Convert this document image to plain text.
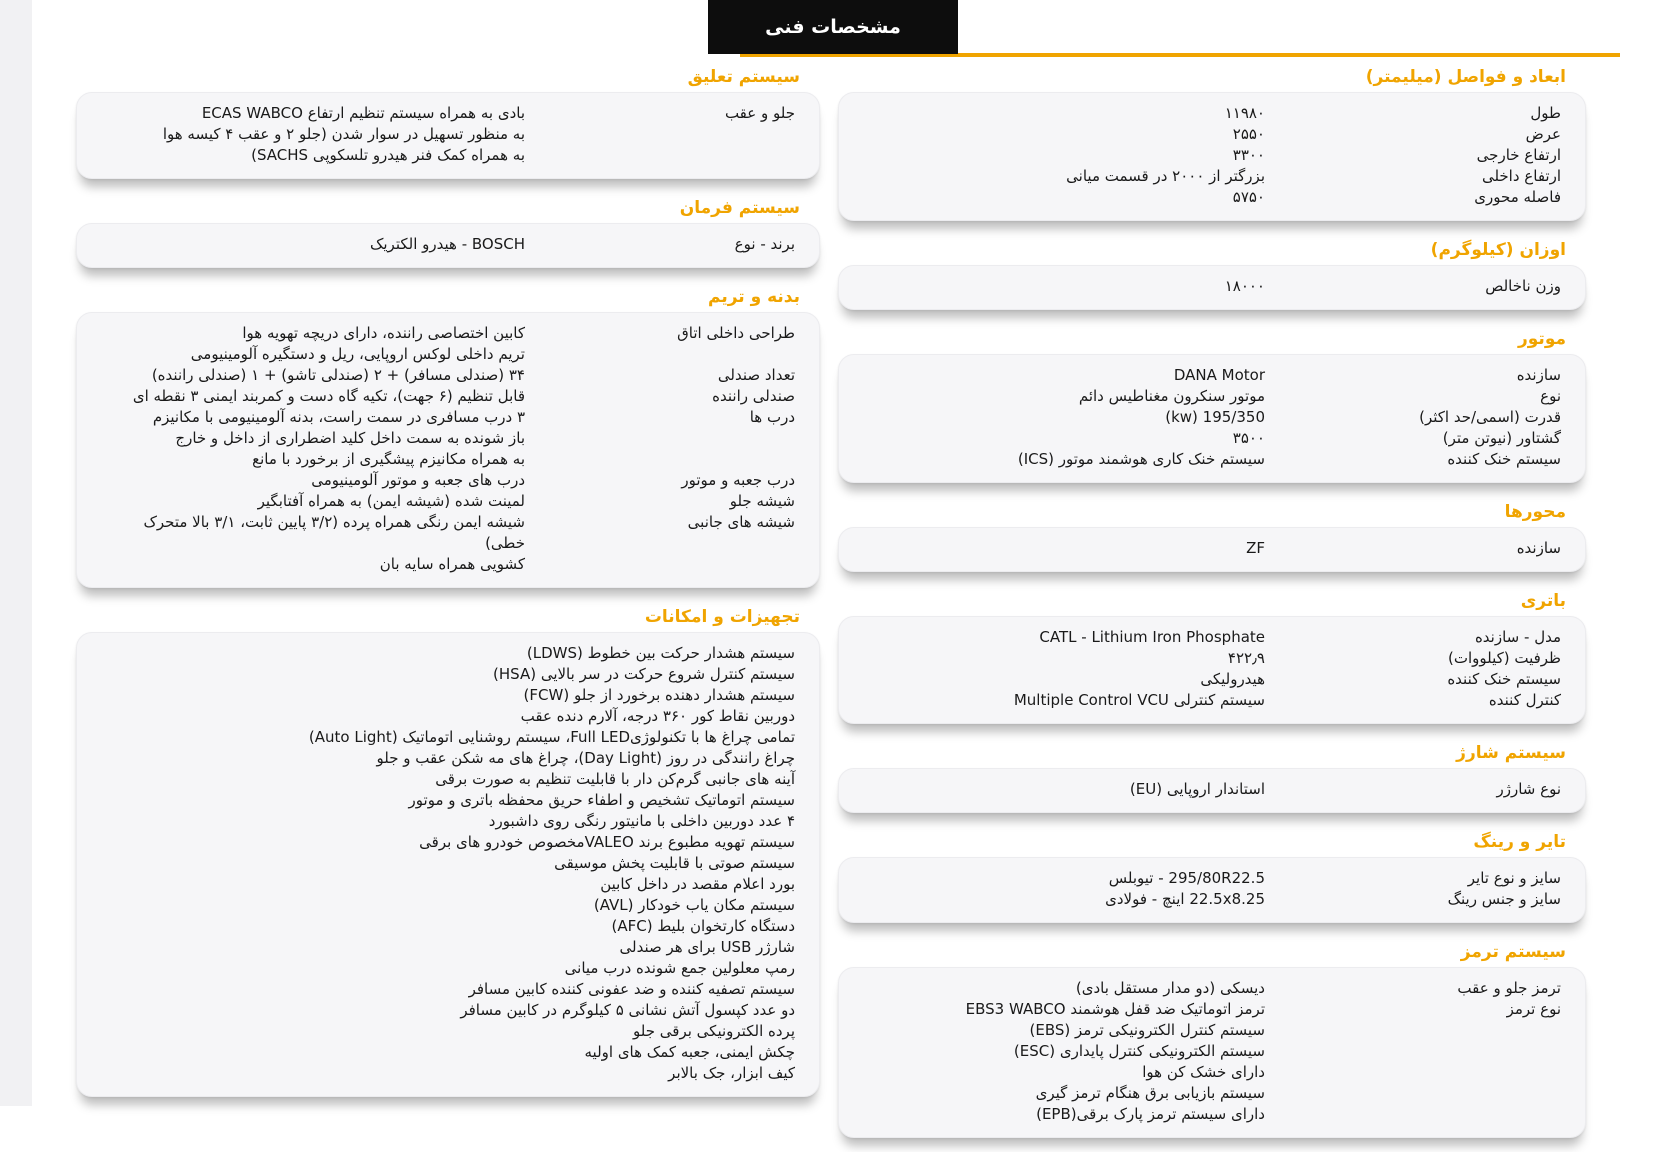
مشخصات فنی
ابعاد و فواصل (میلیمتر)
طول
۱۱۹۸۰
عرض
۲۵۵۰
ارتفاع خارجی
۳۳۰۰
ارتفاع داخلی
بزرگتر از ۲۰۰۰ در قسمت میانی
فاصله محوری
۵۷۵۰
اوزان (کیلوگرم)
وزن ناخالص
۱۸۰۰۰
موتور
سازنده
DANA Motor
نوع
موتور سنکرون مغناطیس دائم
قدرت (اسمی/حد اکثر)
195/350 (kw)
گشتاور (نیوتن متر)
۳۵۰۰
سیستم خنک کننده
سیستم خنک کاری هوشمند موتور (ICS)
محورها
سازنده
ZF
باتری
مدل - سازنده
CATL - Lithium Iron Phosphate
ظرفیت (کیلووات)
۴۲۲٫۹
سیستم خنک کننده
هیدرولیکی
کنترل کننده
سیستم کنترلی Multiple Control VCU
سیستم شارژ
نوع شارژر
استاندار اروپایی (EU)
تایر و رینگ
سایز و نوع تایر
295/80R22.5 - تیوبلس
سایز و جنس رینگ
22.5x8.25 اینچ - فولادی
سیستم ترمز
ترمز جلو و عقب
دیسکی (دو مدار مستقل بادی)
نوع ترمز
ترمز اتوماتیک ضد قفل هوشمند EBS3 WABCO
سیستم کنترل الکترونیکی ترمز (EBS)
سیستم الکترونیکی کنترل پایداری (ESC)
دارای خشک کن هوا
سیستم بازیابی برق هنگام ترمز گیری
دارای سیستم ترمز پارک برقی(EPB)
سیستم تعلیق
جلو و عقب
بادی به همراه سیستم تنظیم ارتفاع ECAS WABCO
به منظور تسهیل در سوار شدن (جلو ۲ و عقب ۴ کیسه هوا
به همراه کمک فنر هیدرو تلسکوپی SACHS)
سیستم فرمان
برند - نوع
BOSCH - هیدرو الکتریک
بدنه و تریم
طراحی داخلی اتاق
کابین اختصاصی راننده، دارای دریچه تهویه هوا
تریم داخلی لوکس اروپایی، ریل و دستگیره آلومینیومی
تعداد صندلی
۳۴ (صندلی مسافر) + ۲ (صندلی تاشو) + ۱ (صندلی راننده)
صندلی راننده
قابل تنظیم (۶ جهت)، تکیه گاه دست و کمربند ایمنی ۳ نقطه ای
درب ها
۳ درب مسافری در سمت راست، بدنه آلومینیومی با مکانیزم
باز شونده به سمت داخل کلید اضطراری از داخل و خارج
به همراه مکانیزم پیشگیری از برخورد با مانع
درب جعبه و موتور
درب های جعبه و موتور آلومینیومی
شیشه جلو
لمینت شده (شیشه ایمن) به همراه آفتابگیر
شیشه های جانبی
شیشه ایمن رنگی همراه پرده (۳/۲ پایین ثابت، ۳/۱ بالا متحرک خطی)
کشویی همراه سایه بان
تجهیزات و امکانات
سیستم هشدار حرکت بین خطوط (LDWS)
سیستم کنترل شروع حرکت در سر بالایی (HSA)
سیستم هشدار دهنده برخورد از جلو (FCW)
دوربین نقاط کور ۳۶۰ درجه، آلارم دنده عقب
تمامی چراغ ها با تکنولوژیFull LED، سیستم روشنایی اتوماتیک (Auto Light)
چراغ رانندگی در روز (Day Light)، چراغ های مه شکن عقب و جلو
آینه های جانبی گرم‌کن دار با قابلیت تنظیم به صورت برقی
سیستم اتوماتیک تشخیص و اطفاء حریق محفظه باتری و موتور
۴ عدد دوربین داخلی با مانیتور رنگی روی داشبورد
سیستم تهویه مطبوع برند VALEOمخصوص خودرو های برقی
سیستم صوتی با قابلیت پخش موسیقی
بورد اعلام مقصد در داخل کابین
سیستم مکان یاب خودکار (AVL)
دستگاه کارتخوان بلیط (AFC)
شارژر USB برای هر صندلی
رمپ معلولین جمع شونده درب میانی
سیستم تصفیه کننده و ضد عفونی کننده کابین مسافر
دو عدد کپسول آتش نشانی ۵ کیلوگرم در کابین مسافر
پرده الکترونیکی برقی جلو
چکش ایمنی، جعبه کمک های اولیه
کیف ابزار، جک بالابر
